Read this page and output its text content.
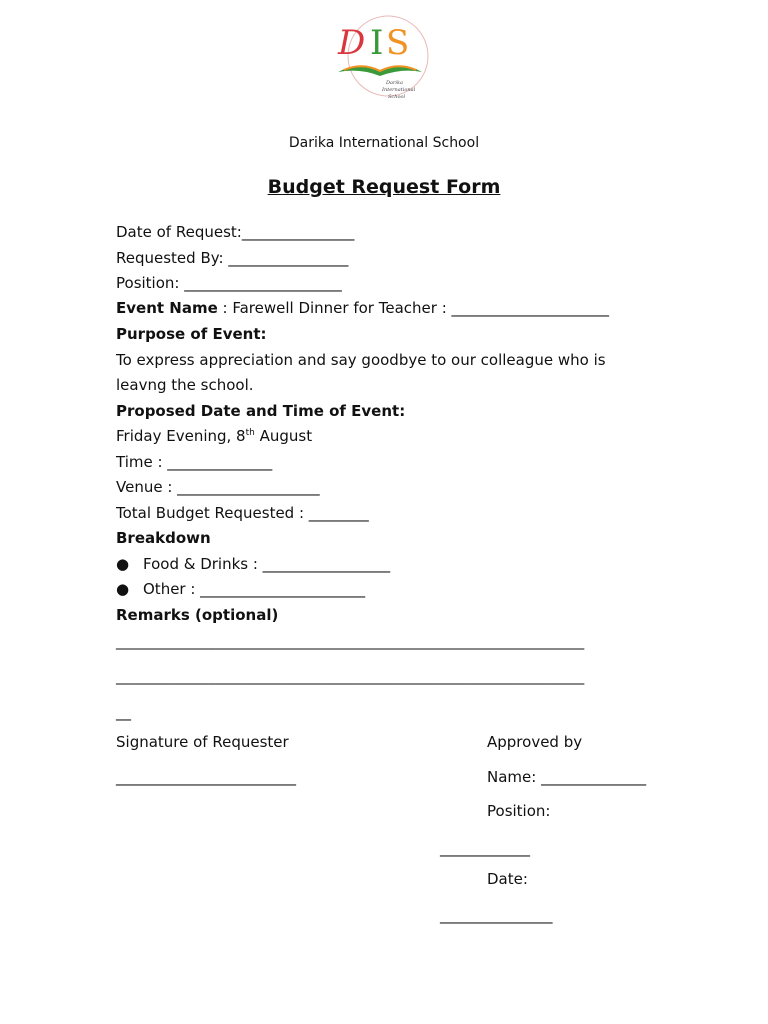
D I S
Darika
International
School
ﾠﾠﾠﾠﾠﾠﾠﾠﾠﾠﾠﾠﾠﾠ ﾠﾠﾠﾠﾠﾠ
Darika International School
Budget Request Form
Date of Request:_______________
Requested By: ________________
Position: _____________________
Event Name : Farewell Dinner for Teacher : _____________________
Purpose of Event:
To express appreciation and say goodbye to our colleague who is
leavng the school.
Proposed Date and Time of Event:
Friday Evening, 8th August
Time : ______________
Venue : ___________________
Total Budget Requested : ________
Breakdown
● Food & Drinks : _________________
● Other : ______________________
Remarks (optional)
__________________________________________________________________
__________________________________________________________________
__
Signature of Requester
________________________
Approved by
Name: ______________
Position:
____________
Date:
_______________
